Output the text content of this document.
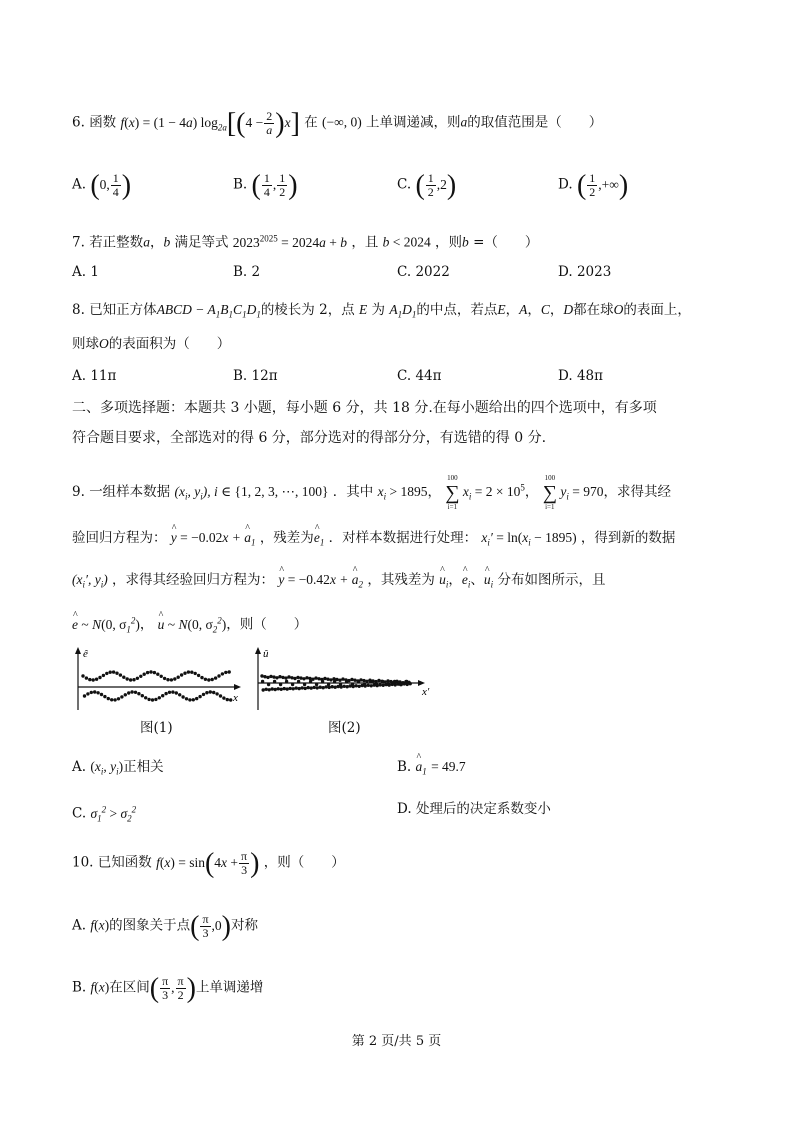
6. 函数 f(x) = (1 − 4a) $\log_{2a}[(4 - \frac{2}{a} )x]$ 在 (−∞, 0) 上单调递减，则a的取值范围是（　　）
A. (0, $\frac{1}{4}$ )	B. ( $\frac{1}{4}$ , $\frac{1}{2}$ )	C. ( $\frac{1}{2} ,2$)	D. ( $\frac{1}{2}$ ,+∞)
7. 若正整数a，b 满足等式 $2023^{2025} = 2024a + b$ ，且 b < 2024 ，则b =（　　）
A. 1	B. 2	C. 2022	D. 2023
8. 已知正方体ABCD − $A_1B_1C_1D_1$的棱长为 2，点 E 为 $A_1D_1$的中点，若点E，A，C，D都在球O的表面上，
则球O的表面积为（　　）
A. 11π	B. 12π	C. 44π	D. 48π
二、多项选择题：本题共 3 小题，每小题 6 分，共 18 分.在每小题给出的四个选项中，有多项
符合题目要求，全部选对的得 6 分，部分选对的得部分分，有选错的得 0 分.
9. 一组样本数据 ($x_i$, $y_i$), i ∈ {1, 2, 3, ⋯, 100} ．其中 $x_i > 1895$，
100
∑
i=1
$x_i = 2 \times 10^5$，
100
∑
i=1
$y_i = 970$，求得其经
验回归方程为： ^ y = −0.02x + ^ $a_1$ ，残差为^ $e_1$ ．对样本数据进行处理： $x_i' = \ln(x_i - 1895)$ ，得到新的数据
($x_i'$, $y_i$) ，求得其经验回归方程为： ^ y = −0.42x + ^ $a_2$ ，其残差为 ^ $u_i$，^ $e_i$、^ $u_i$ 分布如图所示，且
^ e ~ N(0, $\sigma_1^2$)， ^ u ~ N(0, $\sigma_2^2$)，则（　　）
ê
x
û
x′
图(1)	图(2)
A. ($x_i$, $y_i$)正相关	B. ^ $a_1 = 49.7$
C. $\sigma_1^2 > \sigma_2^2$	D. 处理后的决定系数变小
10. 已知函数 $f(x) = \sin(4x + \frac{\pi}{3}$ ) ，则（　　）
A. f(x)的图象关于点( $\frac{\pi}{3} ,0$)对称
B. f(x)在区间( $\frac{\pi}{3}$ , $\frac{\pi}{2}$ )上单调递增
第 2 页/共 5 页
